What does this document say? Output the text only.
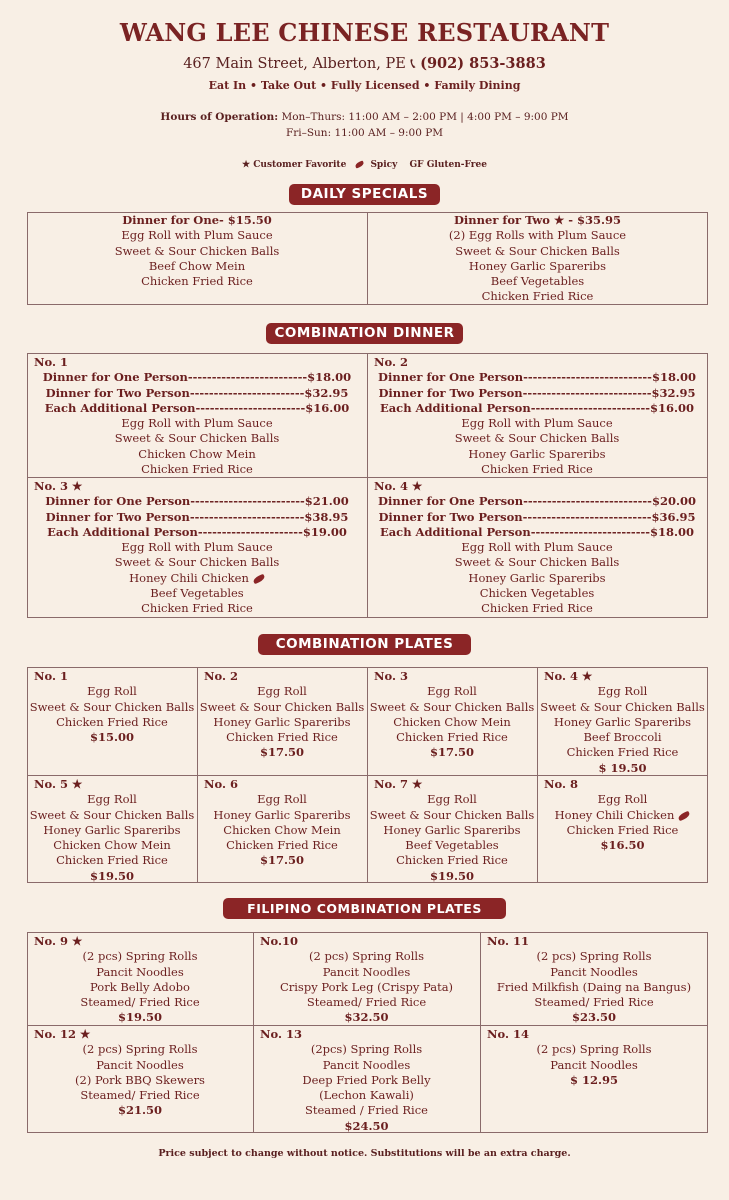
WANG LEE CHINESE RESTAURANT
467 Main Street, Alberton, PE 📞︎ (902) 853-3883
Eat In • Take Out • Fully Licensed • Family Dining
Hours of Operation: Mon–Thurs: 11:00 AM – 2:00 PM | 4:00 PM – 9:00 PM
Fri–Sun: 11:00 AM – 9:00 PM
★ Customer Favorite	Spicy GF Gluten-Free
DAILY SPECIALS
Dinner for One- $15.50
Egg Roll with Plum Sauce
Sweet & Sour Chicken Balls
Beef Chow Mein
Chicken Fried Rice
Dinner for Two ★ - $35.95
(2) Egg Rolls with Plum Sauce
Sweet & Sour Chicken Balls
Honey Garlic Spareribs
Beef Vegetables
Chicken Fried Rice
COMBINATION DINNER
No. 1
Dinner for One Person ------------------------- $18.00
Dinner for Two Person ------------------------ $32.95
Each Additional Person ----------------------- $16.00
Egg Roll with Plum Sauce
Sweet & Sour Chicken Balls
Chicken Chow Mein
Chicken Fried Rice
No. 2
Dinner for One Person --------------------------- $18.00
Dinner for Two Person --------------------------- $32.95
Each Additional Person ------------------------- $16.00
Egg Roll with Plum Sauce
Sweet & Sour Chicken Balls
Honey Garlic Spareribs
Chicken Fried Rice
No. 3 ★
Dinner for One Person ------------------------ $21.00
Dinner for Two Person ------------------------ $38.95
Each Additional Person ---------------------- $19.00
Egg Roll with Plum Sauce
Sweet & Sour Chicken Balls
Honey Chili Chicken
Beef Vegetables
Chicken Fried Rice
No. 4 ★
Dinner for One Person --------------------------- $20.00
Dinner for Two Person --------------------------- $36.95
Each Additional Person ------------------------- $18.00
Egg Roll with Plum Sauce
Sweet & Sour Chicken Balls
Honey Garlic Spareribs
Chicken Vegetables
Chicken Fried Rice
COMBINATION PLATES
No. 1
Egg Roll
Sweet & Sour Chicken Balls
Chicken Fried Rice
$15.00
No. 2
Egg Roll
Sweet & Sour Chicken Balls
Honey Garlic Spareribs
Chicken Fried Rice
$17.50
No. 3
Egg Roll
Sweet & Sour Chicken Balls
Chicken Chow Mein
Chicken Fried Rice
$17.50
No. 4 ★
Egg Roll
Sweet & Sour Chicken Balls
Honey Garlic Spareribs
Beef Broccoli
Chicken Fried Rice
$ 19.50
No. 5 ★
Egg Roll
Sweet & Sour Chicken Balls
Honey Garlic Spareribs
Chicken Chow Mein
Chicken Fried Rice
$19.50
No. 6
Egg Roll
Honey Garlic Spareribs
Chicken Chow Mein
Chicken Fried Rice
$17.50
No. 7 ★
Egg Roll
Sweet & Sour Chicken Balls
Honey Garlic Spareribs
Beef Vegetables
Chicken Fried Rice
$19.50
No. 8
Egg Roll
Honey Chili Chicken
Chicken Fried Rice
$16.50
FILIPINO COMBINATION PLATES
No. 9 ★
(2 pcs) Spring Rolls
Pancit Noodles
Pork Belly Adobo
Steamed/ Fried Rice
$19.50
No.10
(2 pcs) Spring Rolls
Pancit Noodles
Crispy Pork Leg (Crispy Pata)
Steamed/ Fried Rice
$32.50
No. 11
(2 pcs) Spring Rolls
Pancit Noodles
Fried Milkfish (Daing na Bangus)
Steamed/ Fried Rice
$23.50
No. 12 ★
(2 pcs) Spring Rolls
Pancit Noodles
(2) Pork BBQ Skewers
Steamed/ Fried Rice
$21.50
No. 13
(2pcs) Spring Rolls
Pancit Noodles
Deep Fried Pork Belly (Lechon Kawali)
Steamed / Fried Rice
$24.50
No. 14
(2 pcs) Spring Rolls
Pancit Noodles
$ 12.95
Price subject to change without notice. Substitutions will be an extra charge.
